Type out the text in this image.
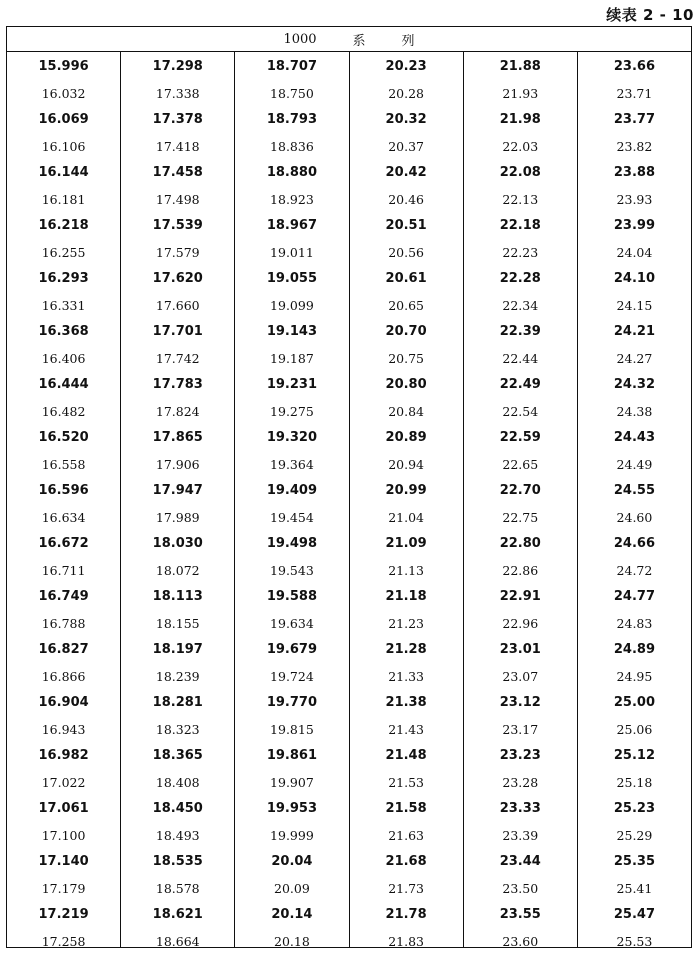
续表 2 - 10
1000	系	列
15.996
16.032
16.069
16.106
16.144
16.181
16.218
16.255
16.293
16.331
16.368
16.406
16.444
16.482
16.520
16.558
16.596
16.634
16.672
16.711
16.749
16.788
16.827
16.866
16.904
16.943
16.982
17.022
17.061
17.100
17.140
17.179
17.219
17.258
17.298
17.338
17.378
17.418
17.458
17.498
17.539
17.579
17.620
17.660
17.701
17.742
17.783
17.824
17.865
17.906
17.947
17.989
18.030
18.072
18.113
18.155
18.197
18.239
18.281
18.323
18.365
18.408
18.450
18.493
18.535
18.578
18.621
18.664
18.707
18.750
18.793
18.836
18.880
18.923
18.967
19.011
19.055
19.099
19.143
19.187
19.231
19.275
19.320
19.364
19.409
19.454
19.498
19.543
19.588
19.634
19.679
19.724
19.770
19.815
19.861
19.907
19.953
19.999
20.04
20.09
20.14
20.18
20.23
20.28
20.32
20.37
20.42
20.46
20.51
20.56
20.61
20.65
20.70
20.75
20.80
20.84
20.89
20.94
20.99
21.04
21.09
21.13
21.18
21.23
21.28
21.33
21.38
21.43
21.48
21.53
21.58
21.63
21.68
21.73
21.78
21.83
21.88
21.93
21.98
22.03
22.08
22.13
22.18
22.23
22.28
22.34
22.39
22.44
22.49
22.54
22.59
22.65
22.70
22.75
22.80
22.86
22.91
22.96
23.01
23.07
23.12
23.17
23.23
23.28
23.33
23.39
23.44
23.50
23.55
23.60
23.66
23.71
23.77
23.82
23.88
23.93
23.99
24.04
24.10
24.15
24.21
24.27
24.32
24.38
24.43
24.49
24.55
24.60
24.66
24.72
24.77
24.83
24.89
24.95
25.00
25.06
25.12
25.18
25.23
25.29
25.35
25.41
25.47
25.53
